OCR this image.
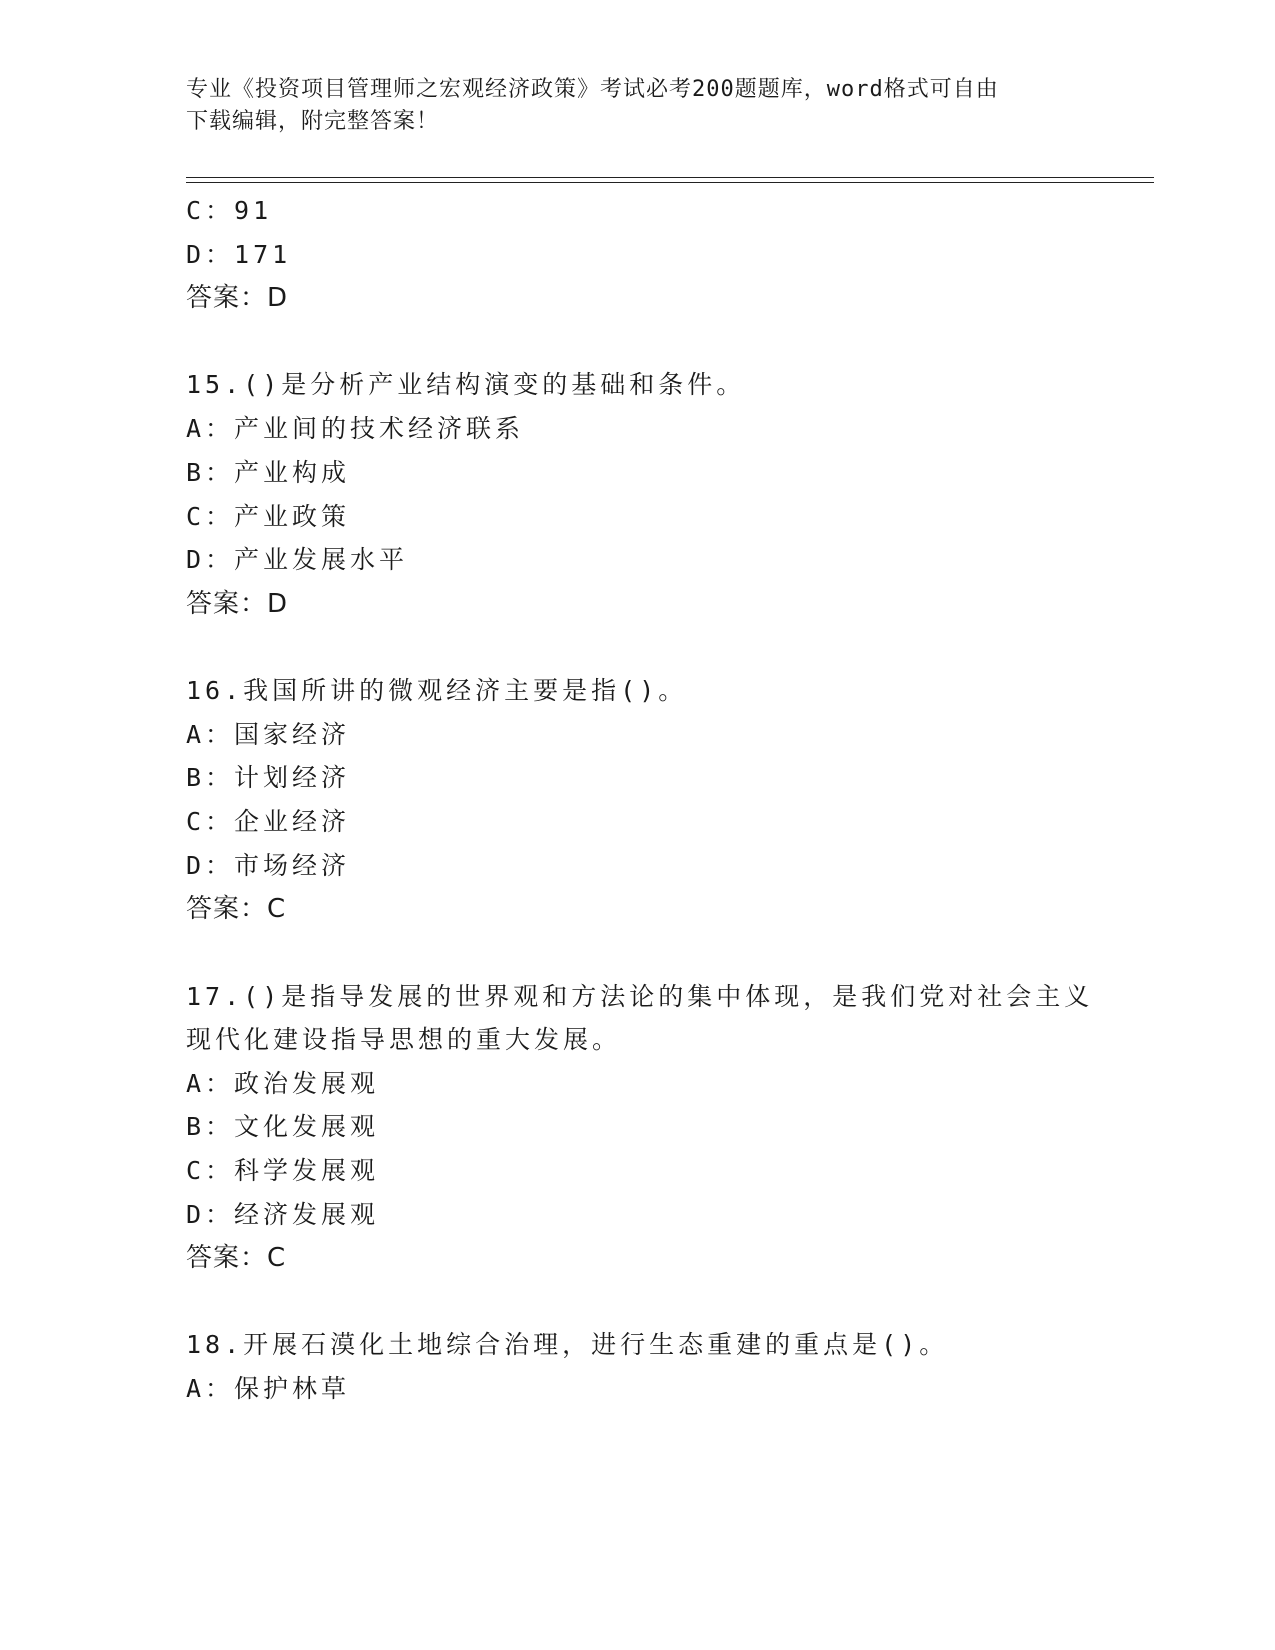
专业《投资项目管理师之宏观经济政策》考试必考200题题库，word格式可自由
下载编辑，附完整答案！
C：91
D：171
答案：D
15.()是分析产业结构演变的基础和条件。
A：产业间的技术经济联系
B：产业构成
C：产业政策
D：产业发展水平
答案：D
16.我国所讲的微观经济主要是指()。
A：国家经济
B：计划经济
C：企业经济
D：市场经济
答案：C
17.()是指导发展的世界观和方法论的集中体现，是我们党对社会主义
现代化建设指导思想的重大发展。
A：政治发展观
B：文化发展观
C：科学发展观
D：经济发展观
答案：C
18.开展石漠化土地综合治理，进行生态重建的重点是()。
A：保护林草
